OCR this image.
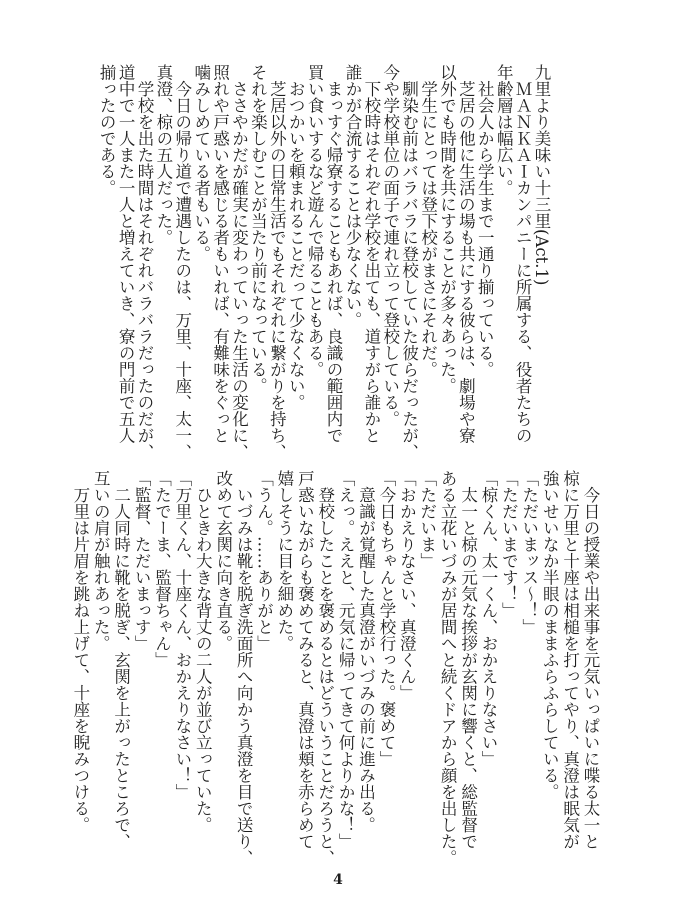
九里より美味い十三里(Act.1)
　ＭＡＮＫＡＩカンパニーに所属する、役者たちの
年齢層は幅広い。
　社会人から学生まで一通り揃っている。
　芝居の他に生活の場も共にする彼らは、劇場や寮
以外でも時間を共にすることが多々あった。
　学生にとっては登下校がまさにそれだ。
　馴染む前はバラバラに登校していた彼らだったが、
今や学校単位の面子で連れ立って登校している。
　下校時はそれぞれ学校を出ても、道すがら誰かと
誰かが合流することは少なくない。
　まっすぐ帰寮することもあれば、良識の範囲内で
買い食いするなど遊んで帰ることもある。
　おつかいを頼まれることだって少なくない。
　芝居以外の日常生活でもそれぞれに繋がりを持ち、
それを楽しむことが当たり前になっている。
　ささやかだが確実に変わっていった生活の変化に、
照れや戸惑いを感じる者もいれば、有難味をぐっと
噛みしめている者もいる。
　今日の帰り道で遭遇したのは、万里、十座、太一、
真澄、椋の五人だった。
　学校を出た時間はそれぞれバラバラだったのだが、
道中で一人また一人と増えていき、寮の門前で五人
揃ったのである。
　今日の授業や出来事を元気いっぱいに喋る太一と
椋に万里と十座は相槌を打ってやり、真澄は眠気が
強いせいなか半眼のままふらふらしている。
「ただいまッス〜！」
「ただいまです！」
「椋くん、太一くん、おかえりなさい」
　太一と椋の元気な挨拶が玄関に響くと、総監督で
ある立花いづみが居間へと続くドアから顔を出した。
「ただいま」
「おかえりなさい、真澄くん」
「今日もちゃんと学校行った。褒めて」
　意識が覚醒した真澄がいづみの前に進み出る。
「えっ。ええと、元気に帰ってきて何よりかな！」
　登校したことを褒めるとはどういうことだろうと、
戸惑いながらも褒めてみると、真澄は頬を赤らめて
嬉しそうに目を細めた。
「うん。……ありがと」
　いづみは靴を脱ぎ洗面所へ向かう真澄を目で送り、
改めて玄関に向き直る。
　ひときわ大きな背丈の二人が並び立っていた。
「万里くん、十座くん、おかえりなさい！」
「たでーま、監督ちゃん」
「監督、ただいまっす」
　二人同時に靴を脱ぎ、玄関を上がったところで、
互いの肩が触れあった。
　万里は片眉を跳ね上げて、十座を睨みつける。
4
